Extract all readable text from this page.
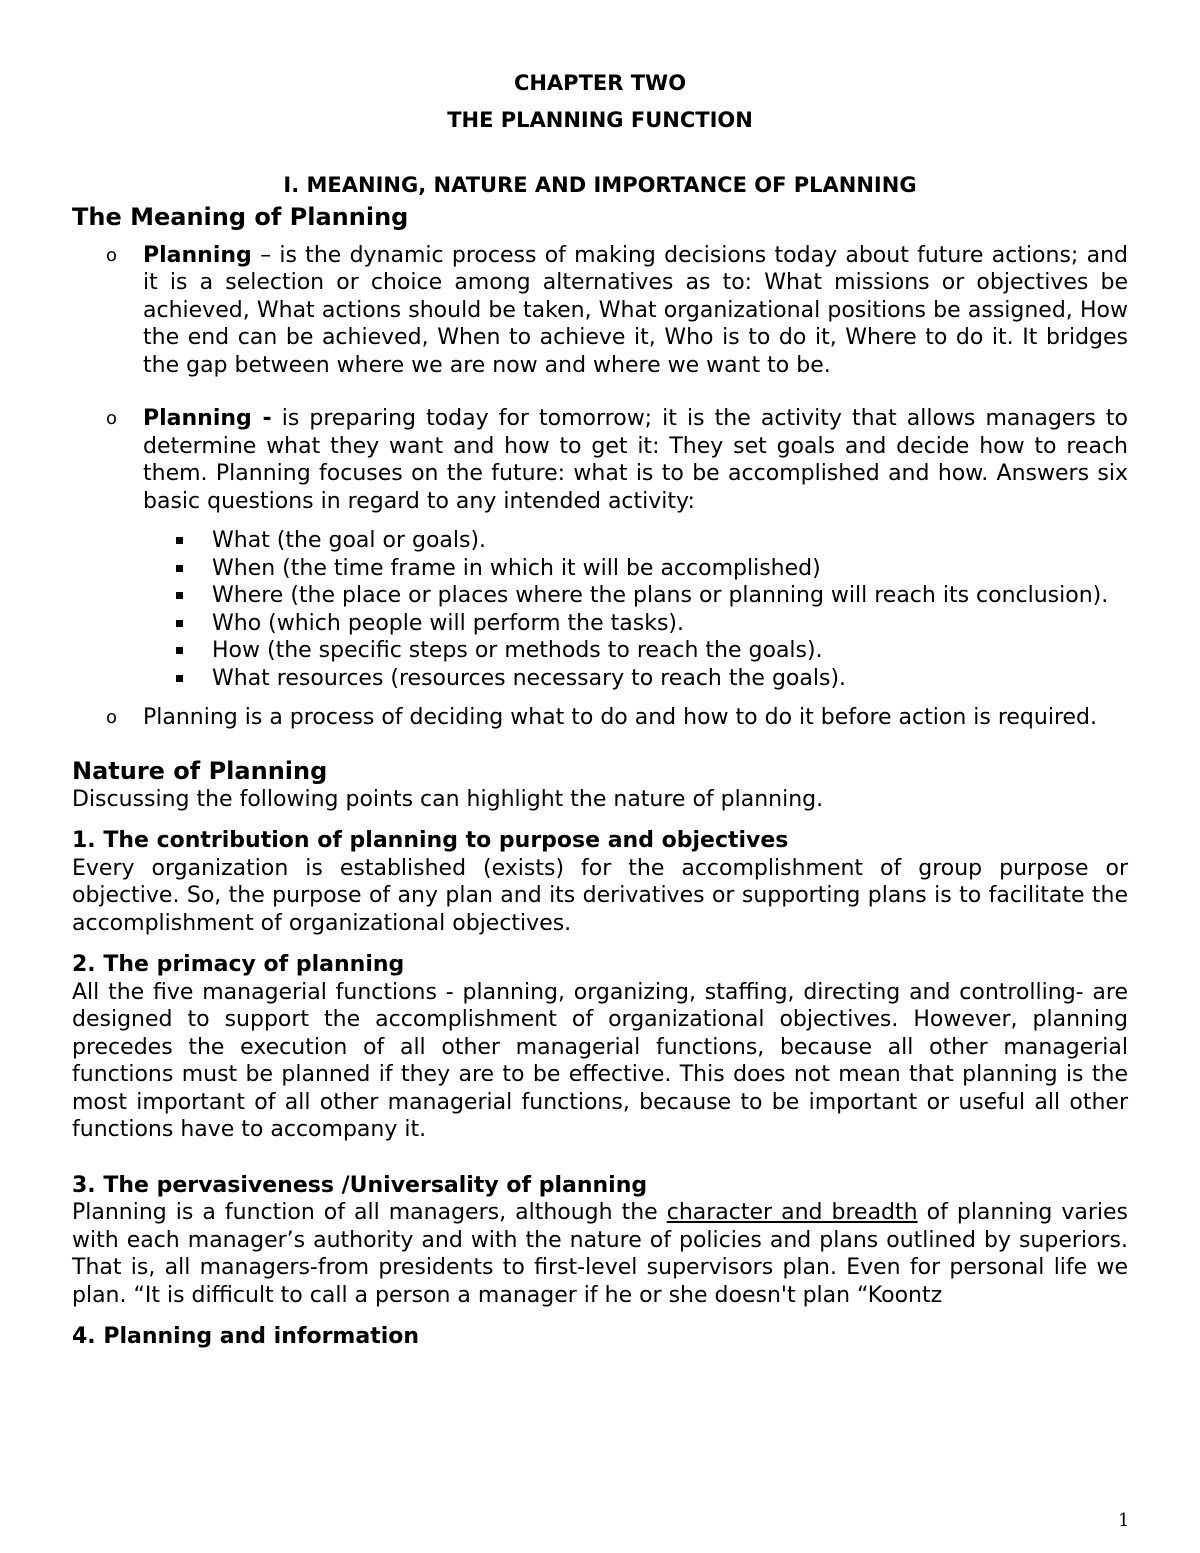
CHAPTER TWO
THE PLANNING FUNCTION
I. MEANING, NATURE AND IMPORTANCE OF PLANNING
The Meaning of Planning
o Planning – is the dynamic process of making decisions today about future actions; and it is a selection or choice among alternatives as to: What missions or objectives be achieved, What actions should be taken, What organizational positions be assigned, How the end can be achieved, When to achieve it, Who is to do it, Where to do it. It bridges the gap between where we are now and where we want to be.
o Planning - is preparing today for tomorrow; it is the activity that allows managers to determine what they want and how to get it: They set goals and decide how to reach them. Planning focuses on the future: what is to be accomplished and how. Answers six basic questions in regard to any intended activity:
What (the goal or goals).
When (the time frame in which it will be accomplished)
Where (the place or places where the plans or planning will reach its conclusion).
Who (which people will perform the tasks).
How (the specific steps or methods to reach the goals).
What resources (resources necessary to reach the goals).
o Planning is a process of deciding what to do and how to do it before action is required.
Nature of Planning

Discussing the following points can highlight the nature of planning.

1. The contribution of planning to purpose and objectives

Every organization is established (exists) for the accomplishment of group purpose or objective. So, the purpose of any plan and its derivatives or supporting plans is to facilitate the accomplishment of organizational objectives.

2. The primacy of planning

All the five managerial functions - planning, organizing, staffing, directing and controlling- are designed to support the accomplishment of organizational objectives. However, planning precedes the execution of all other managerial functions, because all other managerial functions must be planned if they are to be effective. This does not mean that planning is the most important of all other managerial functions, because to be important or useful all other functions have to accompany it.

3. The pervasiveness /Universality of planning

Planning is a function of all managers, although the character and breadth of planning varies with each manager’s authority and with the nature of policies and plans outlined by superiors. That is, all managers-from presidents to first-level supervisors plan. Even for personal life we plan. “It is difficult to call a person a manager if he or she doesn't plan “Koontz

4. Planning and information
1
